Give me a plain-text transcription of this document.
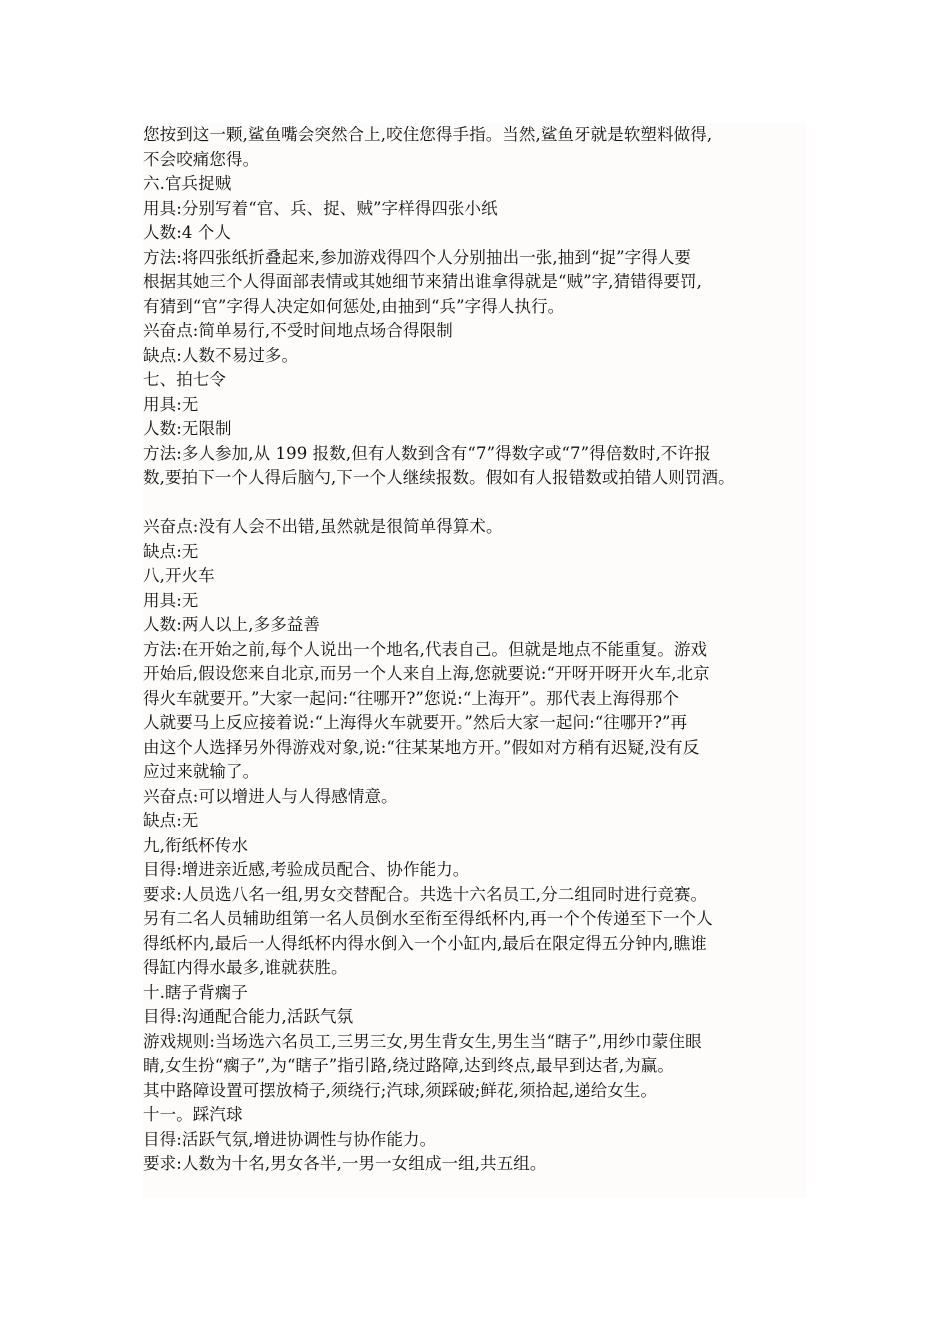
您按到这一颗,鲨鱼嘴会突然合上,咬住您得手指。当然,鲨鱼牙就是软塑料做得,

不会咬痛您得。

六.官兵捉贼

用具:分别写着“官、兵、捉、贼”字样得四张小纸

人数:4 个人

方法:将四张纸折叠起来,参加游戏得四个人分别抽出一张,抽到“捉”字得人要

根据其她三个人得面部表情或其她细节来猜出谁拿得就是“贼”字,猜错得要罚,

有猜到“官”字得人决定如何惩处,由抽到“兵”字得人执行。

兴奋点:简单易行,不受时间地点场合得限制

缺点:人数不易过多。

七、拍七令

用具:无

人数:无限制

方法:多人参加,从 199 报数,但有人数到含有“7”得数字或“7”得倍数时,不许报

数,要拍下一个人得后脑勺,下一个人继续报数。假如有人报错数或拍错人则罚酒。

兴奋点:没有人会不出错,虽然就是很简单得算术。

缺点:无

八,开火车

用具:无

人数:两人以上,多多益善

方法:在开始之前,每个人说出一个地名,代表自己。但就是地点不能重复。游戏

开始后,假设您来自北京,而另一个人来自上海,您就要说:“开呀开呀开火车,北京

得火车就要开。”大家一起问:“往哪开?”您说:“上海开”。那代表上海得那个

人就要马上反应接着说:“上海得火车就要开。”然后大家一起问:“往哪开?”再

由这个人选择另外得游戏对象,说:“往某某地方开。”假如对方稍有迟疑,没有反

应过来就输了。

兴奋点:可以增进人与人得感情意。

缺点:无

九,衔纸杯传水

目得:增进亲近感,考验成员配合、协作能力。

要求:人员选八名一组,男女交替配合。共选十六名员工,分二组同时进行竞赛。

另有二名人员辅助组第一名人员倒水至衔至得纸杯内,再一个个传递至下一个人

得纸杯内,最后一人得纸杯内得水倒入一个小缸内,最后在限定得五分钟内,瞧谁

得缸内得水最多,谁就获胜。

十.瞎子背瘸子

目得:沟通配合能力,活跃气氛

游戏规则:当场选六名员工,三男三女,男生背女生,男生当“瞎子”,用纱巾蒙住眼

睛,女生扮“瘸子”,为“瞎子”指引路,绕过路障,达到终点,最早到达者,为赢。

其中路障设置可摆放椅子,须绕行;汽球,须踩破;鲜花,须拾起,递给女生。

十一。踩汽球

目得:活跃气氛,增进协调性与协作能力。

要求:人数为十名,男女各半,一男一女组成一组,共五组。
